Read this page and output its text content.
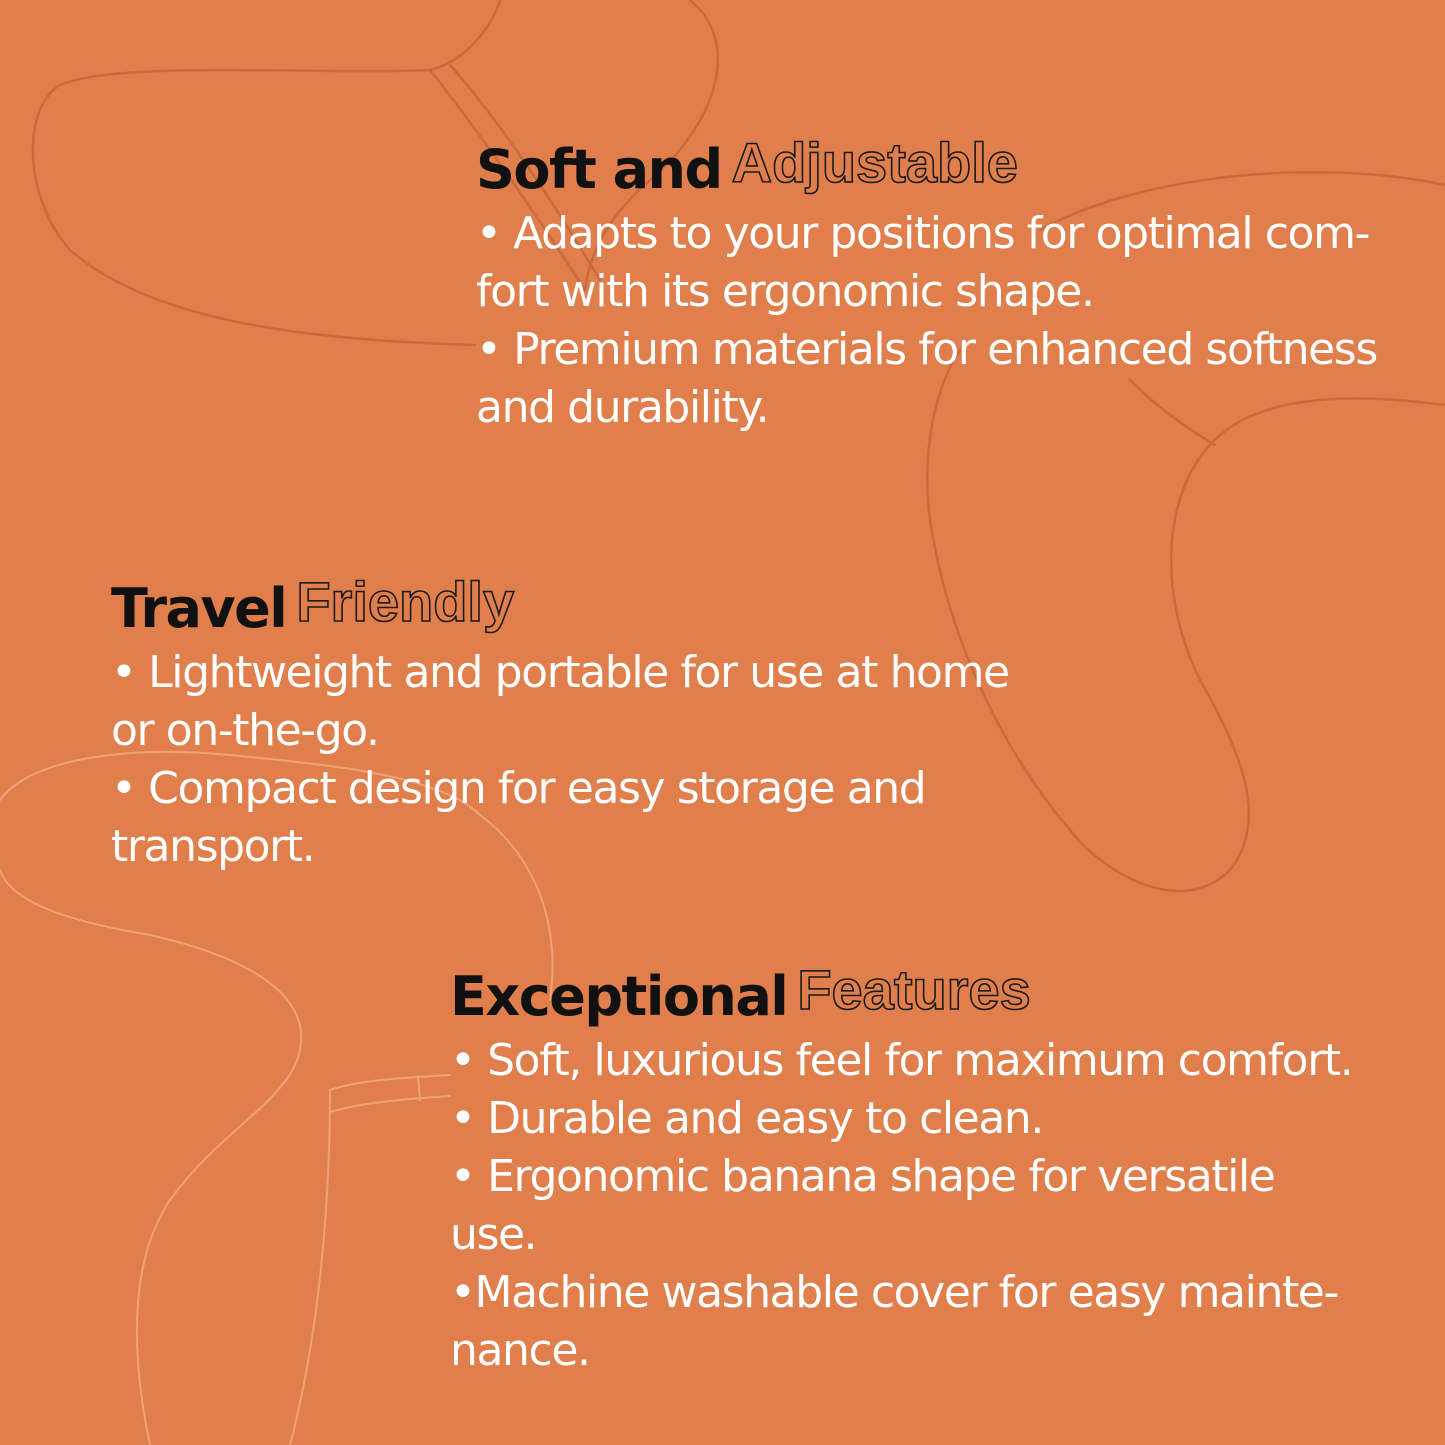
Soft and Adjustable

• Adapts to your positions for optimal com-
fort with its ergonomic shape.
• Premium materials for enhanced softness
and durability.

Travel Friendly

• Lightweight and portable for use at home
or on-the-go.
• Compact design for easy storage and
transport.

Exceptional Features

• Soft, luxurious feel for maximum comfort.
• Durable and easy to clean.
• Ergonomic banana shape for versatile
use.
•Machine washable cover for easy mainte-
nance.
